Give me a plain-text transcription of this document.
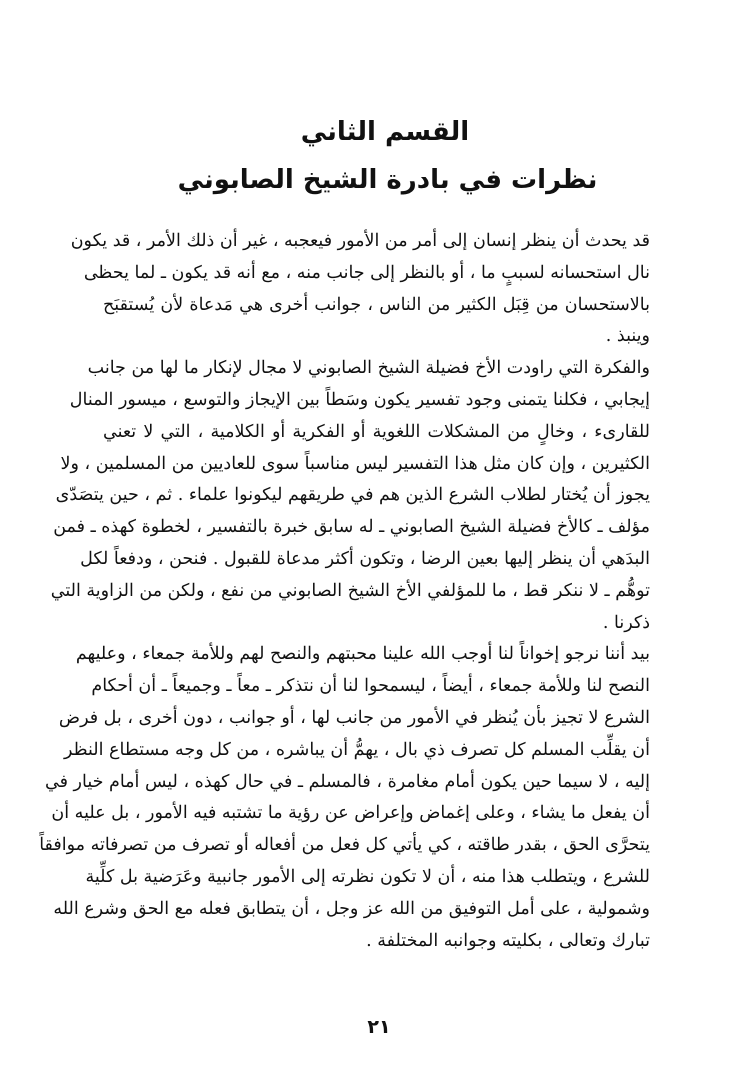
القسم الثاني
نظرات في بادرة الشيخ الصابوني

قد يحدث أن ينظر إنسان إلى أمر من الأمور فيعجبه ، غير أن ذلك الأمر ، قد يكون
نال استحسانه لسببٍ ما ، أو بالنظر إلى جانب منه ، مع أنه قد يكون ـ لما يحظى
بالاستحسان من قِبَل الكثير من الناس ، جوانب أخرى هي مَدعاة لأن يُستقبَح
وينبذ .

والفكرة التي راودت الأخ فضيلة الشيخ الصابوني لا مجال لإنكار ما لها من جانب
إيجابي ، فكلنا يتمنى وجود تفسير يكون وسَطاً بين الإيجاز والتوسع ، ميسور المنال
للقارىء ، وخالٍ من المشكلات اللغوية أو الفكرية أو الكلامية ، التي لا تعني
الكثيرين ، وإن كان مثل هذا التفسير ليس مناسباً سوى للعاديين من المسلمين ، ولا
يجوز أن يُختار لطلاب الشرع الذين هم في طريقهم ليكونوا علماء . ثم ، حين يتصَدّى
مؤلف ـ كالأخ فضيلة الشيخ الصابوني ـ له سابق خبرة بالتفسير ، لخطوة كهذه ـ فمن
البدَهي أن ينظر إليها بعين الرضا ، وتكون أكثر مدعاة للقبول . فنحن ، ودفعاً لكل
توهُّم ـ لا ننكر قط ، ما للمؤلفي الأخ الشيخ الصابوني من نفع ، ولكن من الزاوية التي
ذكرنا .

بيد أننا نرجو إخواناً لنا أوجب الله علينا محبتهم والنصح لهم وللأمة جمعاء ، وعليهم
النصح لنا وللأمة جمعاء ، أيضاً ، ليسمحوا لنا أن نتذكر ـ معاً ـ وجميعاً ـ أن أحكام
الشرع لا تجيز بأن يُنظر في الأمور من جانب لها ، أو جوانب ، دون أخرى ، بل فرض
أن يقلِّب المسلم كل تصرف ذي بال ، يهمُّ أن يباشره ، من كل وجه مستطاع النظر
إليه ، لا سيما حين يكون أمام مغامرة ، فالمسلم ـ في حال كهذه ، ليس أمام خيار في
أن يفعل ما يشاء ، وعلى إغماض وإعراض عن رؤية ما تشتبه فيه الأمور ، بل عليه أن
يتحرَّى الحق ، بقدر طاقته ، كي يأتي كل فعل من أفعاله أو تصرف من تصرفاته موافقاً
للشرع ، ويتطلب هذا منه ، أن لا تكون نظرته إلى الأمور جانبية وعَرَضية بل كلِّية
وشمولية ، على أمل التوفيق من الله عز وجل ، أن يتطابق فعله مع الحق وشرع الله
تبارك وتعالى ، بكليته وجوانبه المختلفة .

٢١
